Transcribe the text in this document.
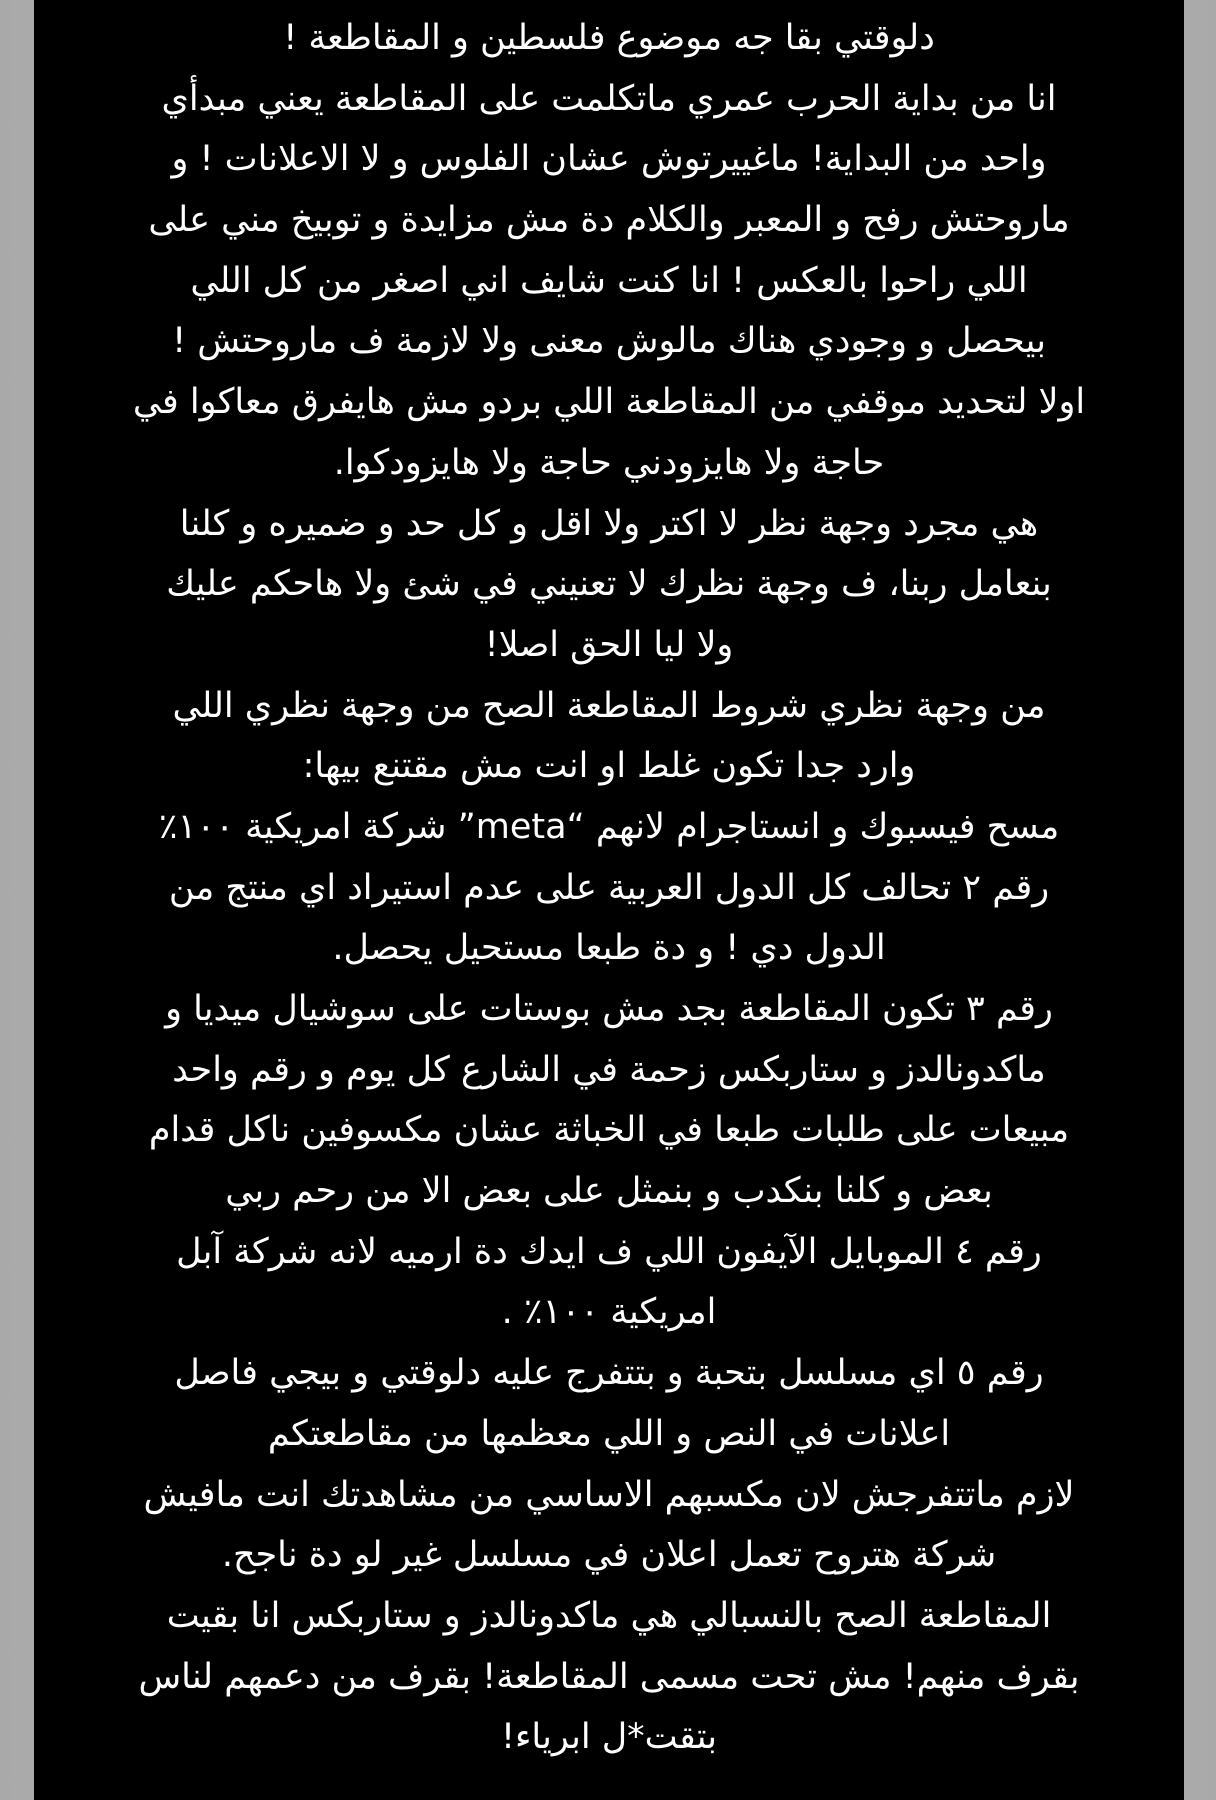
دلوقتي بقا جه موضوع فلسطين و المقاطعة !
انا من بداية الحرب عمري ماتكلمت على المقاطعة يعني مبدأي
واحد من البداية! ماغييرتوش عشان الفلوس و لا الاعلانات ! و
ماروحتش رفح و المعبر والكلام دة مش مزايدة و توبيخ مني على
اللي راحوا بالعكس ! انا كنت شايف اني اصغر من كل اللي
بيحصل و وجودي هناك مالوش معنى ولا لازمة ف ماروحتش !
اولا لتحديد موقفي من المقاطعة اللي بردو مش هايفرق معاكوا في
حاجة ولا هايزودني حاجة ولا هايزودكوا.
هي مجرد وجهة نظر لا اكتر ولا اقل و كل حد و ضميره و كلنا
بنعامل ربنا، ف وجهة نظرك لا تعنيني في شئ ولا هاحكم عليك
ولا ليا الحق اصلا!
من وجهة نظري شروط المقاطعة الصح من وجهة نظري اللي
وارد جدا تكون غلط او انت مش مقتنع بيها:
مسح فيسبوك و انستاجرام لانهم “meta” شركة امريكية ١٠٠٪
رقم ٢ تحالف كل الدول العربية على عدم استيراد اي منتج من
الدول دي ! و دة طبعا مستحيل يحصل.
رقم ٣ تكون المقاطعة بجد مش بوستات على سوشيال ميديا و
ماكدونالدز و ستاربكس زحمة في الشارع كل يوم و رقم واحد
مبيعات على طلبات طبعا في الخباثة عشان مكسوفين ناكل قدام
بعض و كلنا بنكدب و بنمثل على بعض الا من رحم ربي
رقم ٤ الموبايل الآيفون اللي ف ايدك دة ارميه لانه شركة آبل
امريكية ١٠٠٪ .
رقم ٥ اي مسلسل بتحبة و بتتفرج عليه دلوقتي و بيجي فاصل
اعلانات في النص و اللي معظمها من مقاطعتكم
لازم ماتتفرجش لان مكسبهم الاساسي من مشاهدتك انت مافيش
شركة هتروح تعمل اعلان في مسلسل غير لو دة ناجح.
المقاطعة الصح بالنسبالي هي ماكدونالدز و ستاربكس انا بقيت
بقرف منهم! مش تحت مسمى المقاطعة! بقرف من دعمهم لناس
بتقت*ل ابرياء!
